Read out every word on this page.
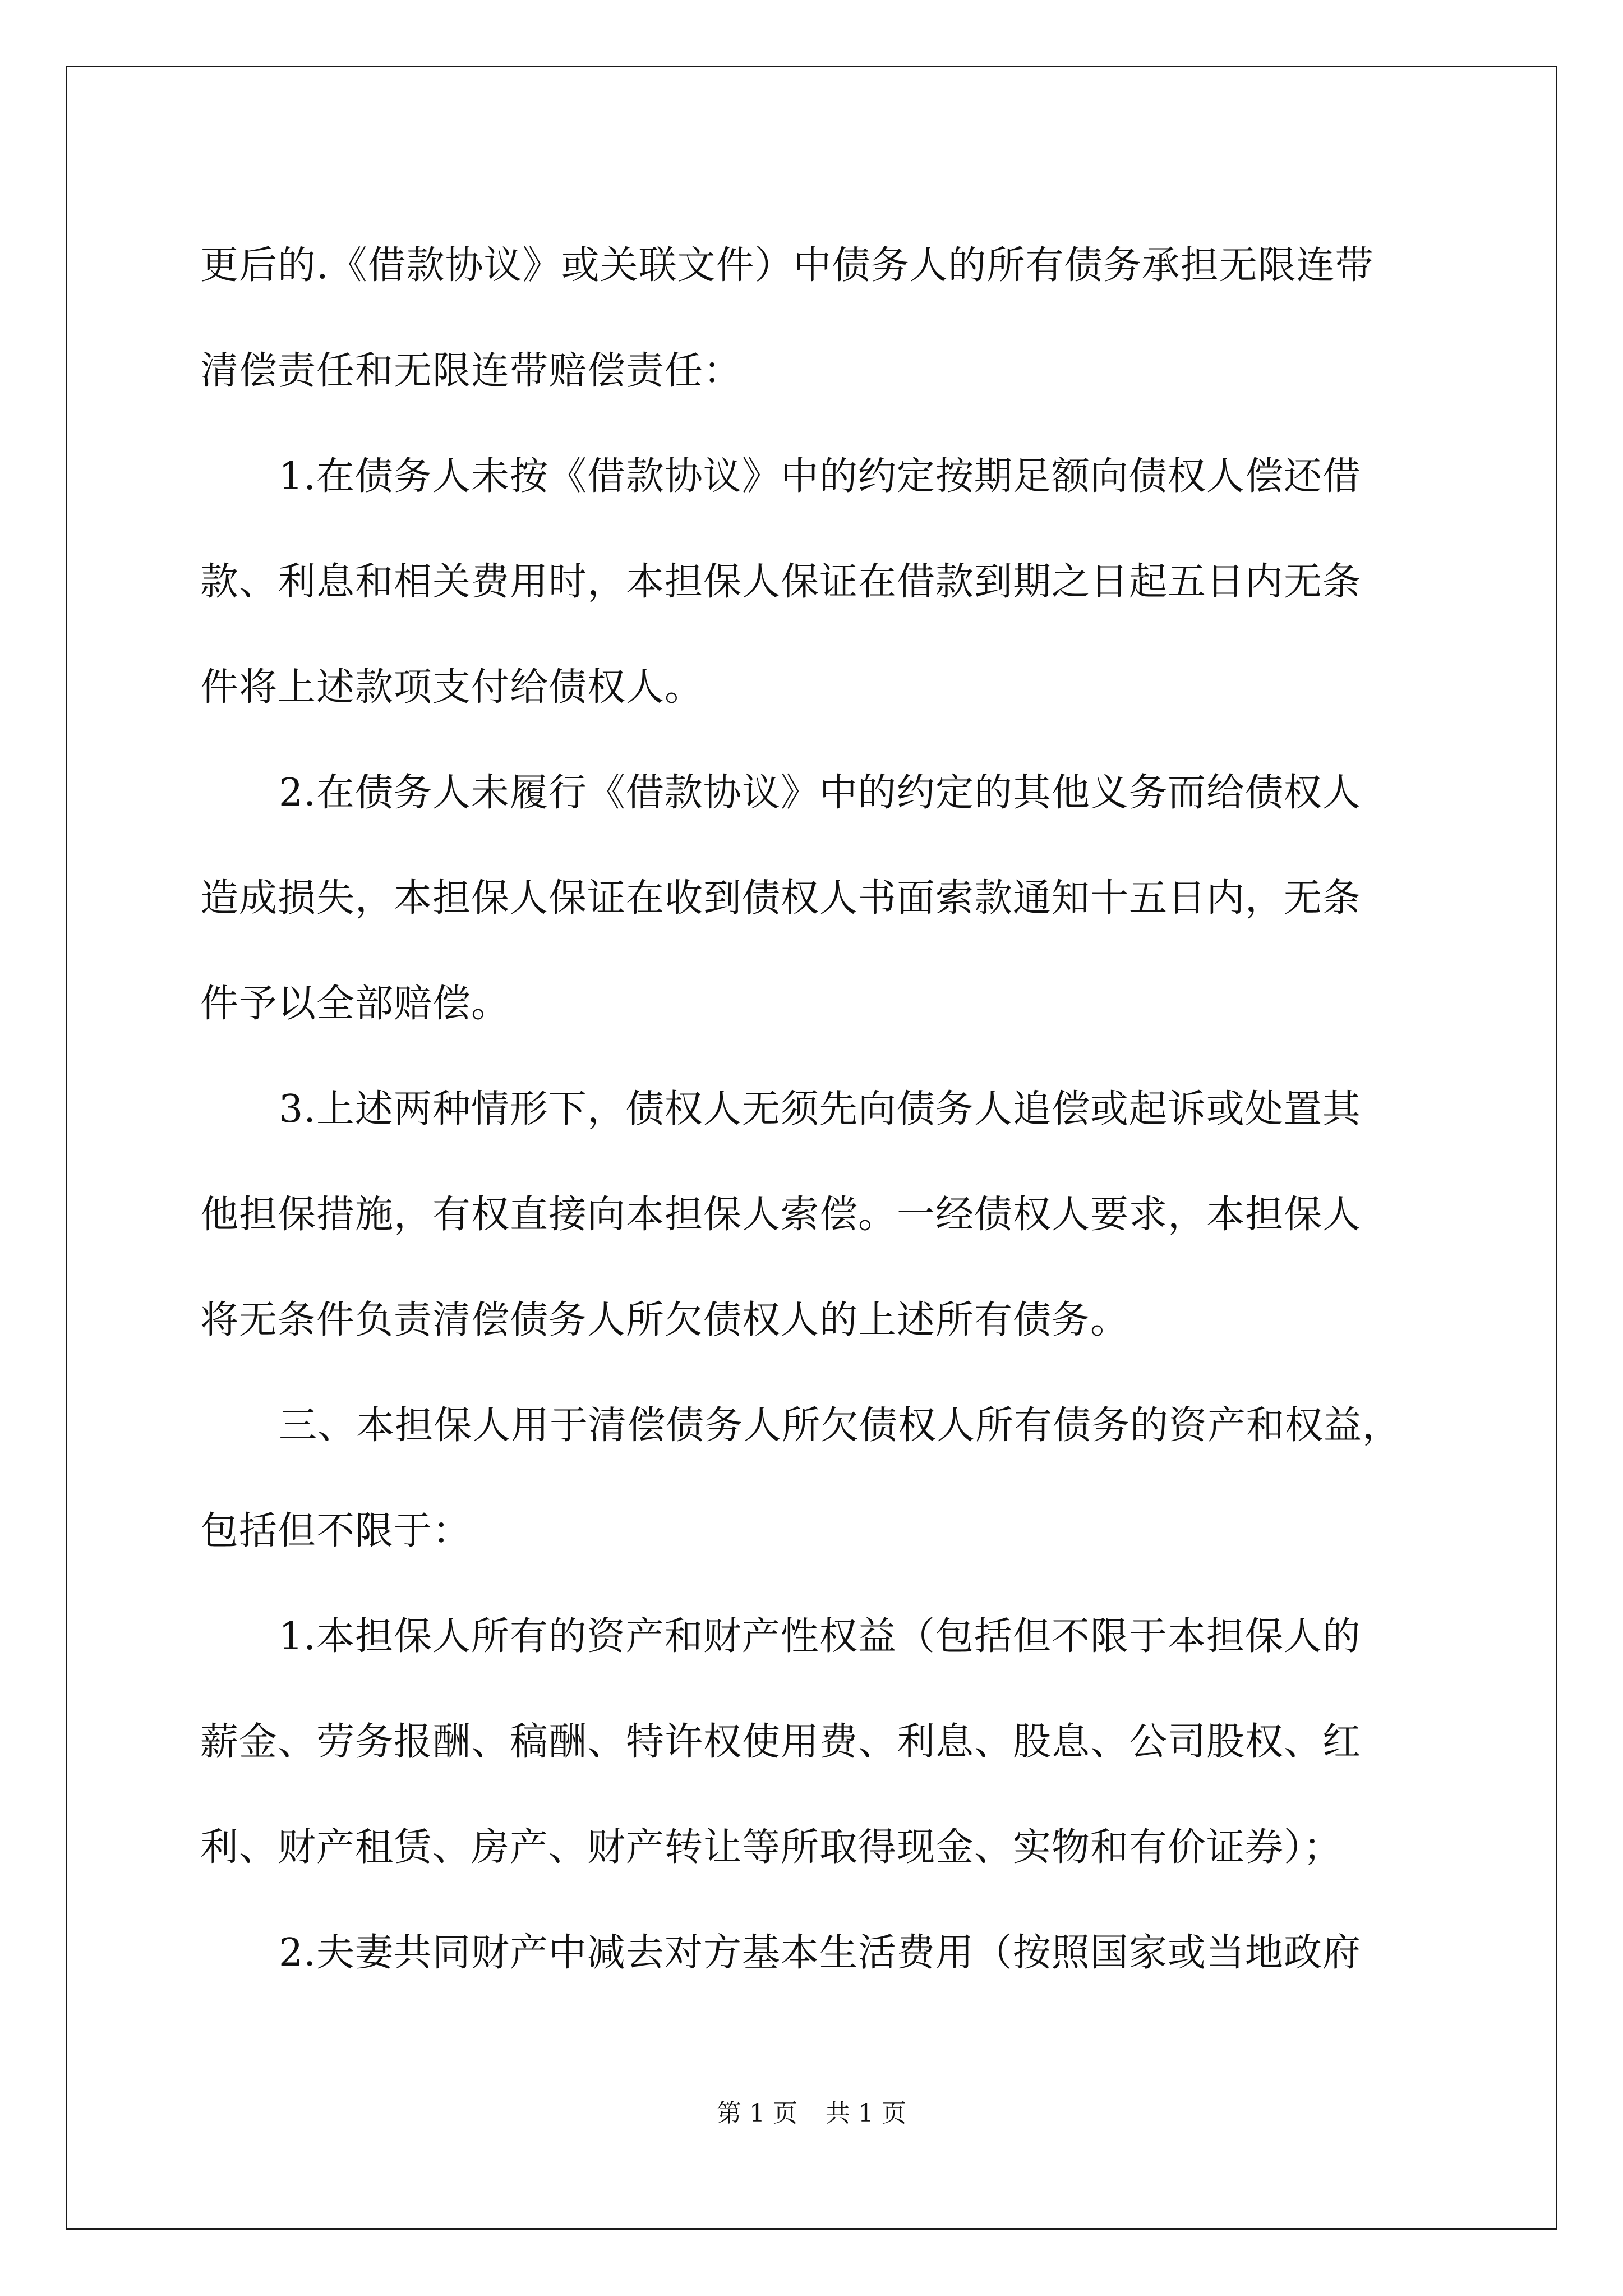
更后的.《借款协议》或关联文件）中债务人的所有债务承担无限连带
清偿责任和无限连带赔偿责任：
1.在债务人未按《借款协议》中的约定按期足额向债权人偿还借
款、利息和相关费用时，本担保人保证在借款到期之日起五日内无条
件将上述款项支付给债权人。
2.在债务人未履行《借款协议》中的约定的其他义务而给债权人
造成损失，本担保人保证在收到债权人书面索款通知十五日内，无条
件予以全部赔偿。
3.上述两种情形下，债权人无须先向债务人追偿或起诉或处置其
他担保措施，有权直接向本担保人索偿。一经债权人要求，本担保人
将无条件负责清偿债务人所欠债权人的上述所有债务。
三、本担保人用于清偿债务人所欠债权人所有债务的资产和权益，
包括但不限于：
1.本担保人所有的资产和财产性权益（包括但不限于本担保人的
薪金、劳务报酬、稿酬、特许权使用费、利息、股息、公司股权、红
利、财产租赁、房产、财产转让等所取得现金、实物和有价证券）；
2.夫妻共同财产中减去对方基本生活费用（按照国家或当地政府
第 1 页 共 1 页
